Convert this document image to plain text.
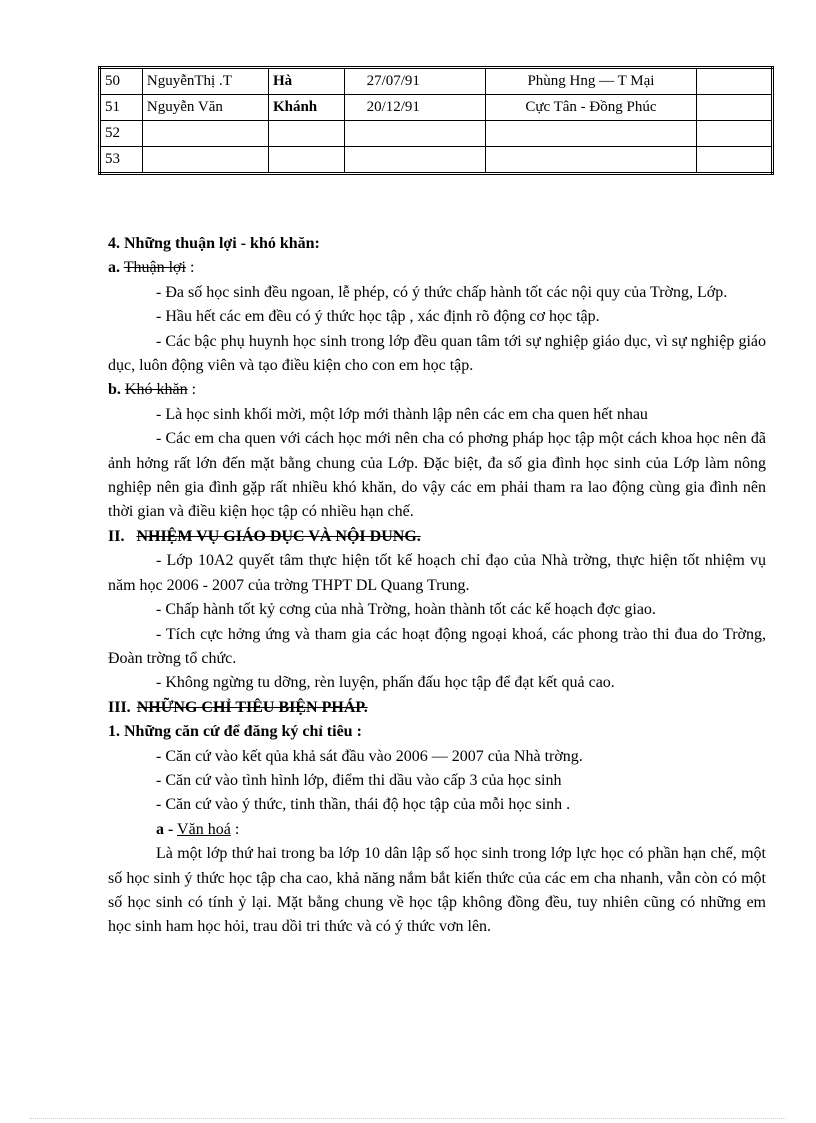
50	NguyễnThị .T	Hà	27/07/91	Phùng Hng — T Mại	
51	Nguyễn Văn	Khánh	20/12/91	Cực Tân - Đồng Phúc	
52					
53					

4. Những thuận lợi - khó khăn:

a. Thuận lợi :

- Đa số học sinh đều ngoan, lễ phép, có ý thức chấp hành tốt các nội quy của Trờng, Lớp.

- Hầu hết các em đều có ý thức học tập , xác định rõ động cơ học tập.

- Các bậc phụ huynh học sinh trong lớp đều quan tâm tới sự nghiệp giáo dục, vì sự nghiệp giáo dục, luôn động viên và tạo điều kiện cho con em học tập.

b. Khó khăn :

- Là học sinh khối mời, một lớp mới thành lập nên các em cha quen hết nhau

- Các em cha quen với cách học mới nên cha có phơng pháp học tập một cách khoa học nên đã ảnh hởng rất lớn đến mặt bằng chung của Lớp. Đặc biệt, đa số gia đình học sinh của Lớp làm nông nghiệp nên gia đình gặp rất nhiều khó khăn, do vậy các em phải tham ra lao động cùng gia đình nên thời gian và điều kiện học tập có nhiều hạn chế.

II. NHIỆM VỤ GIÁO DỤC VÀ NỘI DUNG.

- Lớp 10A2 quyết tâm thực hiện tốt kế hoạch chỉ đạo của Nhà trờng, thực hiện tốt nhiệm vụ năm học 2006 - 2007 của trờng THPT DL Quang Trung.

- Chấp hành tốt kỷ cơng của nhà Trờng, hoàn thành tốt các kế hoạch đợc giao.

- Tích cực hởng ứng và tham gia các hoạt động ngoại khoá, các phong trào thi đua do Trờng, Đoàn trờng tổ chức.

- Không ngừng tu dỡng, rèn luyện, phấn đấu học tập để đạt kết quả cao.

III. NHỮNG CHỈ TIÊU BIỆN PHÁP.

1. Những căn cứ để đăng ký chỉ tiêu :

- Căn cứ vào kết qủa khả sát đầu vào 2006 — 2007 của Nhà trờng.

- Căn cứ vào tình hình lớp, điểm thi dầu vào cấp 3 của học sinh

- Căn cứ vào ý thức, tinh thần, thái độ học tập của mỗi học sinh .

a - Văn hoá :

Là một lớp thứ hai trong ba lớp 10 dân lập số học sinh trong lớp lực học có phần hạn chế, một số học sinh ý thức học tập cha cao, khả năng nắm bắt kiến thức của các em cha nhanh, vẫn còn có một số học sinh có tính ỷ lại. Mặt bằng chung về học tập không đồng đều, tuy nhiên cũng có những em học sinh ham học hỏi, trau dồi tri thức và có ý thức vơn lên.
